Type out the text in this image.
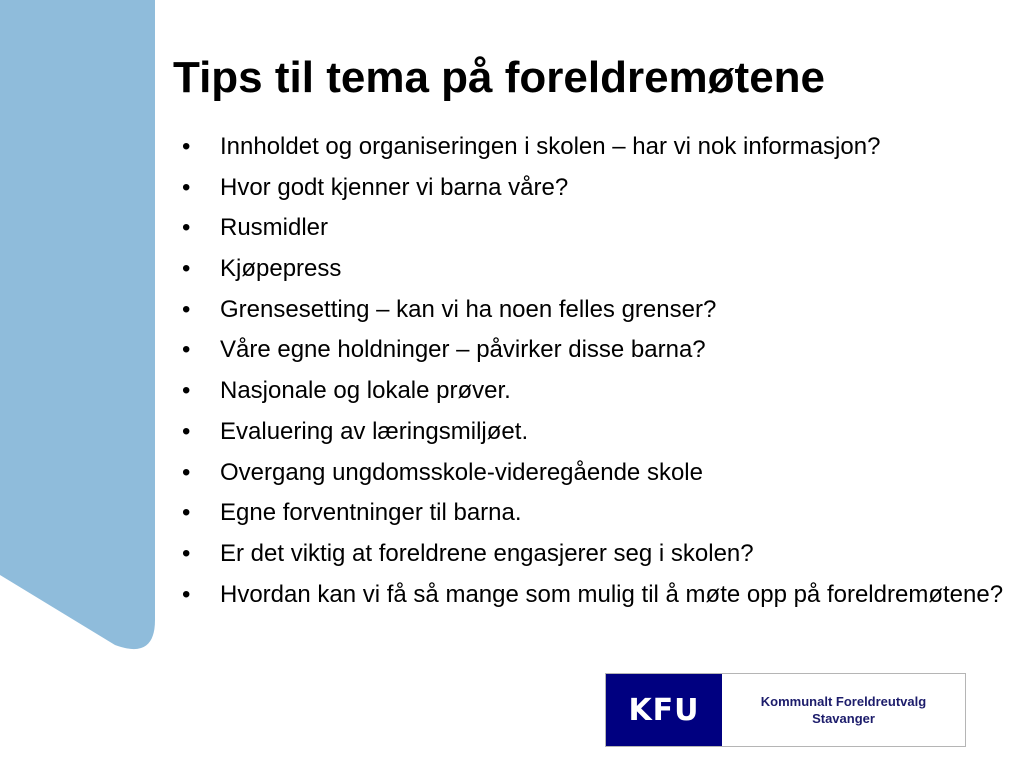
Tips til tema på foreldremøtene
•	Innholdet og organiseringen i skolen – har vi nok informasjon?
•	Hvor godt kjenner vi barna våre?
•	Rusmidler
•	Kjøpepress
•	Grensesetting – kan vi ha noen felles grenser?
•	Våre egne holdninger – påvirker disse barna?
•	Nasjonale og lokale prøver.
•	Evaluering av læringsmiljøet.
•	Overgang ungdomsskole-videregående skole
•	Egne forventninger til barna.
•	Er det viktig at foreldrene engasjerer seg i skolen?
•	Hvordan kan vi få så mange som mulig til å møte opp på foreldremøtene?
KFU	Kommunalt Foreldreutvalg
Stavanger
